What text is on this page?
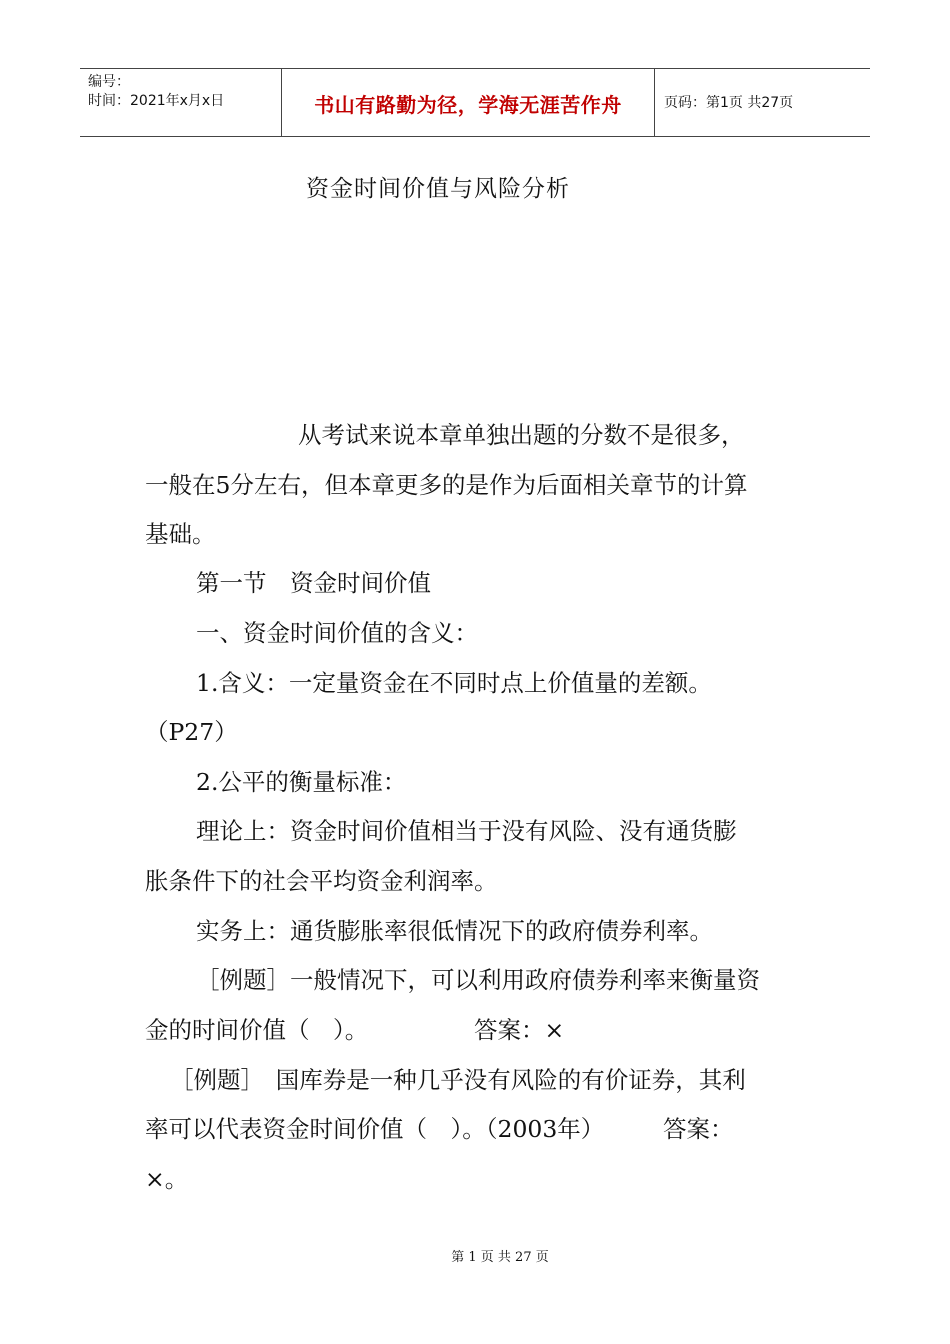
编号：
时间：2021年x月x日	书山有路勤为径，学海无涯苦作舟	页码：第1页 共27页
资金时间价值与风险分析

从考试来说本章单独出题的分数不是很多，

一般在5分左右，但本章更多的是作为后面相关章节的计算

基础。

第一节　资金时间价值

一、资金时间价值的含义：

1.含义：一定量资金在不同时点上价值量的差额。

（P27）

2.公平的衡量标准：

理论上：资金时间价值相当于没有风险、没有通货膨

胀条件下的社会平均资金利润率。

实务上：通货膨胀率很低情况下的政府债券利率。

［例题］一般情况下，可以利用政府债券利率来衡量资

金的时间价值（　）。　　　　　答案：×

［例题］　国库券是一种几乎没有风险的有价证券，其利

率可以代表资金时间价值（　）。（2003年）　　　答案：

×。

第 1 页 共 27 页
